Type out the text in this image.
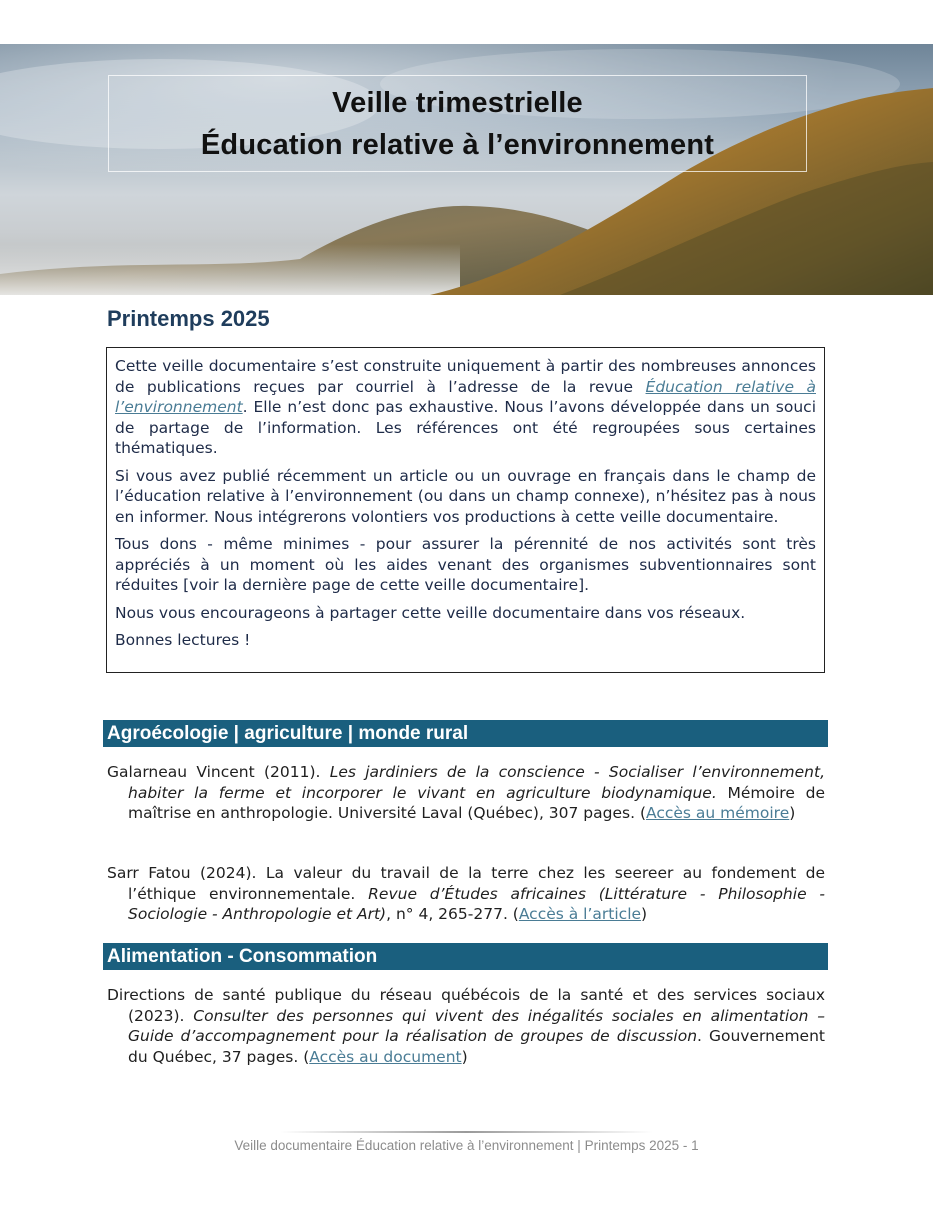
Veille trimestrielle
Éducation relative à l’environnement
Printemps 2025

Cette veille documentaire s’est construite uniquement à partir des nombreuses annonces de publications reçues par courriel à l’adresse de la revue Éducation relative à l’environnement. Elle n’est donc pas exhaustive. Nous l’avons développée dans un souci de partage de l’information. Les références ont été regroupées sous certaines thématiques.

Si vous avez publié récemment un article ou un ouvrage en français dans le champ de l’éducation relative à l’environnement (ou dans un champ connexe), n’hésitez pas à nous en informer. Nous intégrerons volontiers vos productions à cette veille documentaire.

Tous dons - même minimes - pour assurer la pérennité de nos activités sont très appréciés à un moment où les aides venant des organismes subventionnaires sont réduites [voir la dernière page de cette veille documentaire].

Nous vous encourageons à partager cette veille documentaire dans vos réseaux.

Bonnes lectures !

Agroécologie | agriculture | monde rural
Galarneau Vincent (2011). Les jardiniers de la conscience - Socialiser l’environnement, habiter la ferme et incorporer le vivant en agriculture biodynamique. Mémoire de maîtrise en anthropologie. Université Laval (Québec), 307 pages. (Accès au mémoire)
Sarr Fatou (2024). La valeur du travail de la terre chez les seereer au fondement de l’éthique environnementale. Revue d’Études africaines (Littérature - Philosophie - Sociologie - Anthropologie et Art), n° 4, 265-277. (Accès à l’article)
Alimentation - Consommation
Directions de santé publique du réseau québécois de la santé et des services sociaux (2023). Consulter des personnes qui vivent des inégalités sociales en alimentation – Guide d’accompagnement pour la réalisation de groupes de discussion. Gouvernement du Québec, 37 pages. (Accès au document)
Veille documentaire Éducation relative à l’environnement | Printemps 2025 - 1
